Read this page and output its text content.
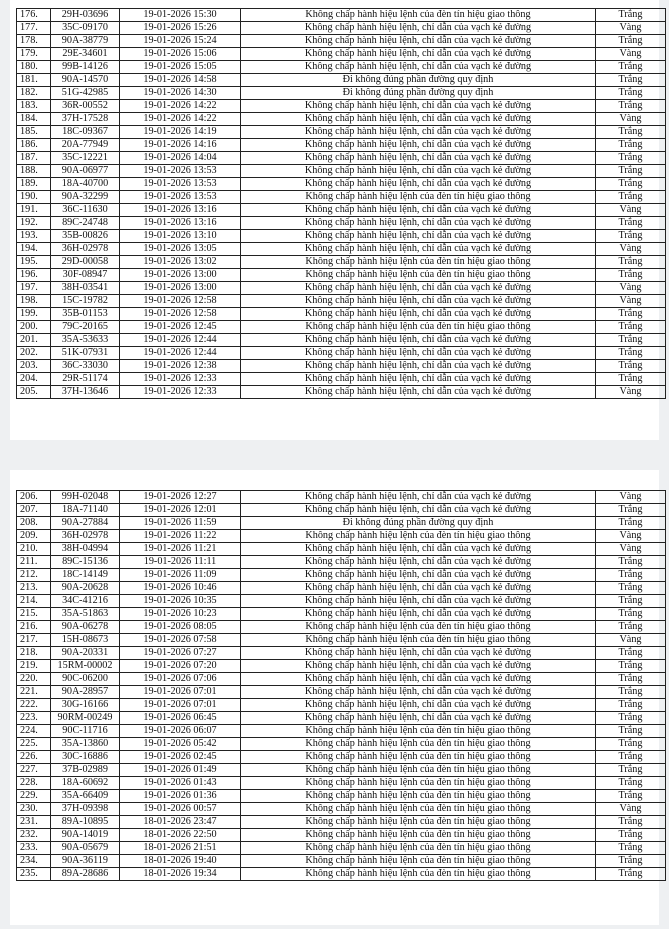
176.	29H-03696	19-01-2026 15:30	Không chấp hành hiệu lệnh của đèn tín hiệu giao thông	Trắng
177.	35C-09170	19-01-2026 15:26	Không chấp hành hiệu lệnh, chỉ dẫn của vạch kẻ đường	Vàng
178.	90A-38779	19-01-2026 15:24	Không chấp hành hiệu lệnh, chỉ dẫn của vạch kẻ đường	Trắng
179.	29E-34601	19-01-2026 15:06	Không chấp hành hiệu lệnh, chỉ dẫn của vạch kẻ đường	Vàng
180.	99B-14126	19-01-2026 15:05	Không chấp hành hiệu lệnh, chỉ dẫn của vạch kẻ đường	Trắng
181.	90A-14570	19-01-2026 14:58	Đi không đúng phần đường quy định	Trắng
182.	51G-42985	19-01-2026 14:30	Đi không đúng phần đường quy định	Trắng
183.	36R-00552	19-01-2026 14:22	Không chấp hành hiệu lệnh, chỉ dẫn của vạch kẻ đường	Trắng
184.	37H-17528	19-01-2026 14:22	Không chấp hành hiệu lệnh, chỉ dẫn của vạch kẻ đường	Vàng
185.	18C-09367	19-01-2026 14:19	Không chấp hành hiệu lệnh, chỉ dẫn của vạch kẻ đường	Trắng
186.	20A-77949	19-01-2026 14:16	Không chấp hành hiệu lệnh, chỉ dẫn của vạch kẻ đường	Trắng
187.	35C-12221	19-01-2026 14:04	Không chấp hành hiệu lệnh, chỉ dẫn của vạch kẻ đường	Trắng
188.	90A-06977	19-01-2026 13:53	Không chấp hành hiệu lệnh, chỉ dẫn của vạch kẻ đường	Trắng
189.	18A-40700	19-01-2026 13:53	Không chấp hành hiệu lệnh, chỉ dẫn của vạch kẻ đường	Trắng
190.	90A-32299	19-01-2026 13:53	Không chấp hành hiệu lệnh của đèn tín hiệu giao thông	Trắng
191.	36C-11630	19-01-2026 13:16	Không chấp hành hiệu lệnh, chỉ dẫn của vạch kẻ đường	Vàng
192.	89C-24748	19-01-2026 13:16	Không chấp hành hiệu lệnh, chỉ dẫn của vạch kẻ đường	Trắng
193.	35B-00826	19-01-2026 13:10	Không chấp hành hiệu lệnh, chỉ dẫn của vạch kẻ đường	Trắng
194.	36H-02978	19-01-2026 13:05	Không chấp hành hiệu lệnh, chỉ dẫn của vạch kẻ đường	Vàng
195.	29D-00058	19-01-2026 13:02	Không chấp hành hiệu lệnh của đèn tín hiệu giao thông	Trắng
196.	30F-08947	19-01-2026 13:00	Không chấp hành hiệu lệnh của đèn tín hiệu giao thông	Trắng
197.	38H-03541	19-01-2026 13:00	Không chấp hành hiệu lệnh, chỉ dẫn của vạch kẻ đường	Vàng
198.	15C-19782	19-01-2026 12:58	Không chấp hành hiệu lệnh, chỉ dẫn của vạch kẻ đường	Vàng
199.	35B-01153	19-01-2026 12:58	Không chấp hành hiệu lệnh, chỉ dẫn của vạch kẻ đường	Trắng
200.	79C-20165	19-01-2026 12:45	Không chấp hành hiệu lệnh của đèn tín hiệu giao thông	Trắng
201.	35A-53633	19-01-2026 12:44	Không chấp hành hiệu lệnh, chỉ dẫn của vạch kẻ đường	Trắng
202.	51K-07931	19-01-2026 12:44	Không chấp hành hiệu lệnh, chỉ dẫn của vạch kẻ đường	Trắng
203.	36C-33030	19-01-2026 12:38	Không chấp hành hiệu lệnh, chỉ dẫn của vạch kẻ đường	Trắng
204.	29R-51174	19-01-2026 12:33	Không chấp hành hiệu lệnh, chỉ dẫn của vạch kẻ đường	Trắng
205.	37H-13646	19-01-2026 12:33	Không chấp hành hiệu lệnh, chỉ dẫn của vạch kẻ đường	Vàng
206.	99H-02048	19-01-2026 12:27	Không chấp hành hiệu lệnh, chỉ dẫn của vạch kẻ đường	Vàng
207.	18A-71140	19-01-2026 12:01	Không chấp hành hiệu lệnh, chỉ dẫn của vạch kẻ đường	Trắng
208.	90A-27884	19-01-2026 11:59	Đi không đúng phần đường quy định	Trắng
209.	36H-02978	19-01-2026 11:22	Không chấp hành hiệu lệnh của đèn tín hiệu giao thông	Vàng
210.	38H-04994	19-01-2026 11:21	Không chấp hành hiệu lệnh, chỉ dẫn của vạch kẻ đường	Vàng
211.	89C-15136	19-01-2026 11:11	Không chấp hành hiệu lệnh, chỉ dẫn của vạch kẻ đường	Trắng
212.	18C-14149	19-01-2026 11:09	Không chấp hành hiệu lệnh, chỉ dẫn của vạch kẻ đường	Trắng
213.	90A-20628	19-01-2026 10:46	Không chấp hành hiệu lệnh, chỉ dẫn của vạch kẻ đường	Trắng
214.	34C-41216	19-01-2026 10:35	Không chấp hành hiệu lệnh, chỉ dẫn của vạch kẻ đường	Trắng
215.	35A-51863	19-01-2026 10:23	Không chấp hành hiệu lệnh, chỉ dẫn của vạch kẻ đường	Trắng
216.	90A-06278	19-01-2026 08:05	Không chấp hành hiệu lệnh của đèn tín hiệu giao thông	Trắng
217.	15H-08673	19-01-2026 07:58	Không chấp hành hiệu lệnh của đèn tín hiệu giao thông	Vàng
218.	90A-20331	19-01-2026 07:27	Không chấp hành hiệu lệnh, chỉ dẫn của vạch kẻ đường	Trắng
219.	15RM-00002	19-01-2026 07:20	Không chấp hành hiệu lệnh, chỉ dẫn của vạch kẻ đường	Trắng
220.	90C-06200	19-01-2026 07:06	Không chấp hành hiệu lệnh, chỉ dẫn của vạch kẻ đường	Trắng
221.	90A-28957	19-01-2026 07:01	Không chấp hành hiệu lệnh, chỉ dẫn của vạch kẻ đường	Trắng
222.	30G-16166	19-01-2026 07:01	Không chấp hành hiệu lệnh, chỉ dẫn của vạch kẻ đường	Trắng
223.	90RM-00249	19-01-2026 06:45	Không chấp hành hiệu lệnh, chỉ dẫn của vạch kẻ đường	Trắng
224.	90C-11716	19-01-2026 06:07	Không chấp hành hiệu lệnh của đèn tín hiệu giao thông	Trắng
225.	35A-13860	19-01-2026 05:42	Không chấp hành hiệu lệnh của đèn tín hiệu giao thông	Trắng
226.	30C-16886	19-01-2026 02:45	Không chấp hành hiệu lệnh của đèn tín hiệu giao thông	Trắng
227.	37B-02989	19-01-2026 01:49	Không chấp hành hiệu lệnh của đèn tín hiệu giao thông	Trắng
228.	18A-60692	19-01-2026 01:43	Không chấp hành hiệu lệnh của đèn tín hiệu giao thông	Trắng
229.	35A-66409	19-01-2026 01:36	Không chấp hành hiệu lệnh của đèn tín hiệu giao thông	Trắng
230.	37H-09398	19-01-2026 00:57	Không chấp hành hiệu lệnh của đèn tín hiệu giao thông	Vàng
231.	89A-10895	18-01-2026 23:47	Không chấp hành hiệu lệnh của đèn tín hiệu giao thông	Trắng
232.	90A-14019	18-01-2026 22:50	Không chấp hành hiệu lệnh của đèn tín hiệu giao thông	Trắng
233.	90A-05679	18-01-2026 21:51	Không chấp hành hiệu lệnh của đèn tín hiệu giao thông	Trắng
234.	90A-36119	18-01-2026 19:40	Không chấp hành hiệu lệnh của đèn tín hiệu giao thông	Trắng
235.	89A-28686	18-01-2026 19:34	Không chấp hành hiệu lệnh của đèn tín hiệu giao thông	Trắng
